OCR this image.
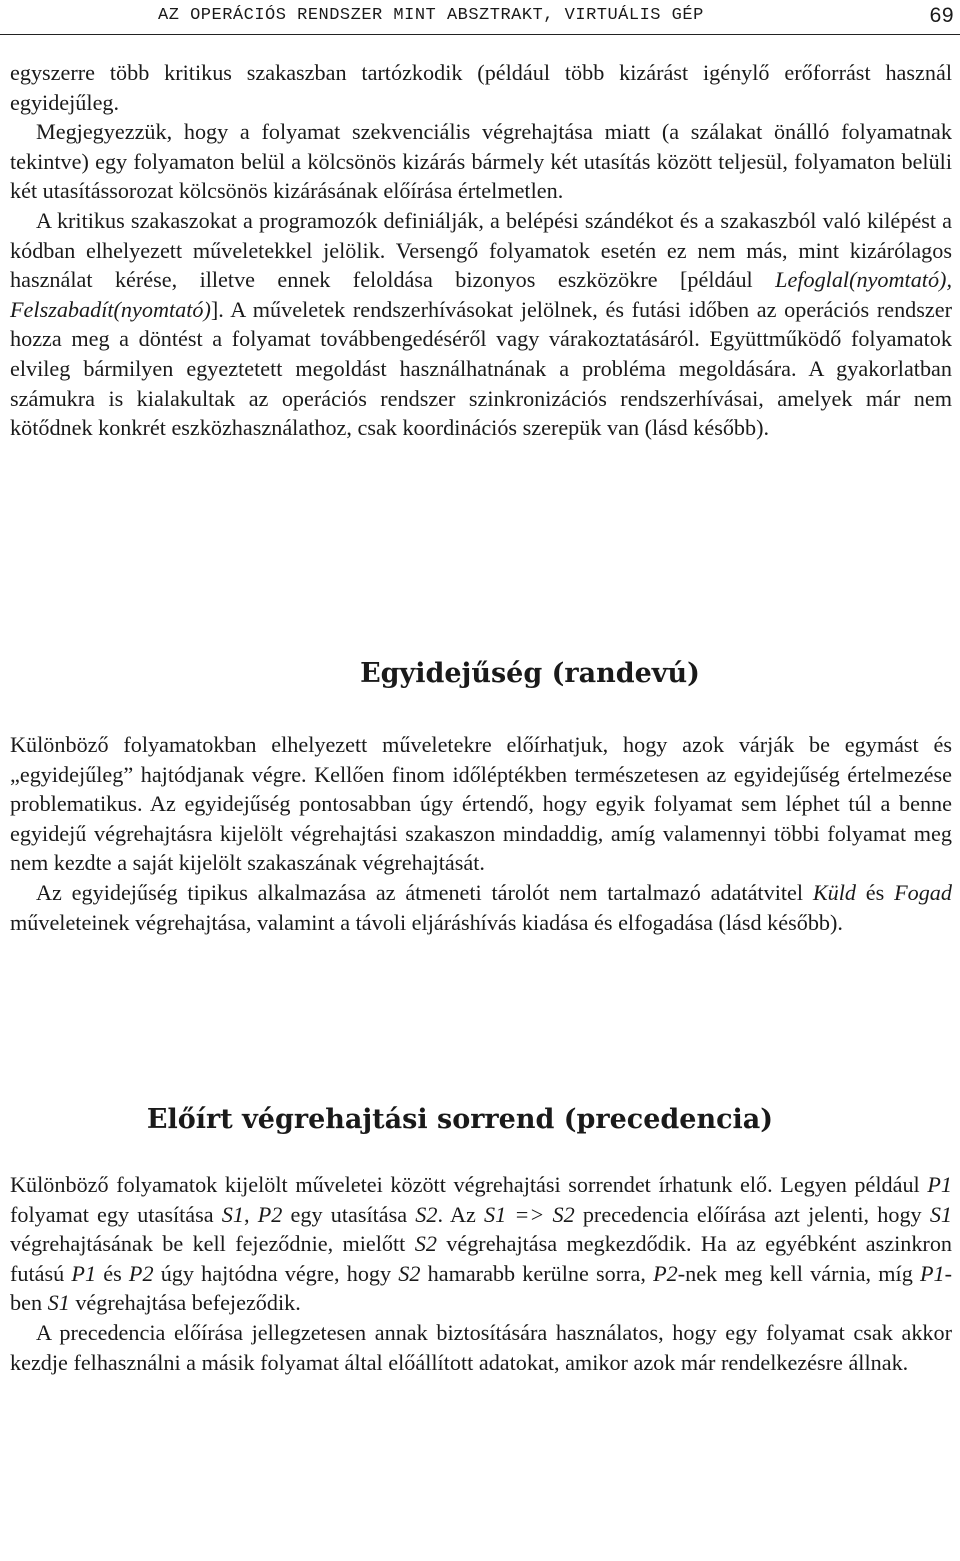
AZ OPERÁCIÓS RENDSZER MINT ABSZTRAKT, VIRTUÁLIS GÉP	69

egyszerre több kritikus szakaszban tartózkodik (például több kizárást igénylő erőforrást használ egyidejűleg.

Megjegyezzük, hogy a folyamat szekvenciális végrehajtása miatt (a szálakat önálló folyamatnak tekintve) egy folyamaton belül a kölcsönös kizárás bármely két utasítás között teljesül, folyamaton belüli két utasítássorozat kölcsönös kizárásának előírása értelmetlen.

A kritikus szakaszokat a programozók definiálják, a belépési szándékot és a szakaszból való kilépést a kódban elhelyezett műveletekkel jelölik. Versengő folyamatok esetén ez nem más, mint kizárólagos használat kérése, illetve ennek feloldása bizonyos eszközökre [például Lefoglal(nyomtató), Felszabadít(nyomtató)]. A műveletek rendszerhívásokat jelölnek, és futási időben az operációs rendszer hozza meg a döntést a folyamat továbbengedéséről vagy várakoztatásáról. Együttműködő folyamatok elvileg bármilyen egyeztetett megoldást használhatnának a probléma megoldására. A gyakorlatban számukra is kialakultak az operációs rendszer szinkronizációs rendszerhívásai, amelyek már nem kötődnek konkrét eszközhasználathoz, csak koordinációs szerepük van (lásd később).

Egyidejűség (randevú)

Különböző folyamatokban elhelyezett műveletekre előírhatjuk, hogy azok várják be egymást és „egyidejűleg” hajtódjanak végre. Kellően finom időléptékben természetesen az egyidejűség értelmezése problematikus. Az egyidejűség pontosabban úgy értendő, hogy egyik folyamat sem léphet túl a benne egyidejű végrehajtásra kijelölt végrehajtási szakaszon mindaddig, amíg valamennyi többi folyamat meg nem kezdte a saját kijelölt szakaszának végrehajtását.

Az egyidejűség tipikus alkalmazása az átmeneti tárolót nem tartalmazó adatátvitel Küld és Fogad műveleteinek végrehajtása, valamint a távoli eljáráshívás kiadása és elfogadása (lásd később).

Előírt végrehajtási sorrend (precedencia)

Különböző folyamatok kijelölt műveletei között végrehajtási sorrendet írhatunk elő. Legyen például P1 folyamat egy utasítása S1, P2 egy utasítása S2. Az S1 => S2 precedencia előírása azt jelenti, hogy S1 végrehajtásának be kell fejeződnie, mielőtt S2 végrehajtása megkezdődik. Ha az egyébként aszinkron futású P1 és P2 úgy hajtódna végre, hogy S2 hamarabb kerülne sorra, P2-nek meg kell várnia, míg P1-ben S1 végrehajtása befejeződik.

A precedencia előírása jellegzetesen annak biztosítására használatos, hogy egy folyamat csak akkor kezdje felhasználni a másik folyamat által előállított adatokat, amikor azok már rendelkezésre állnak.
